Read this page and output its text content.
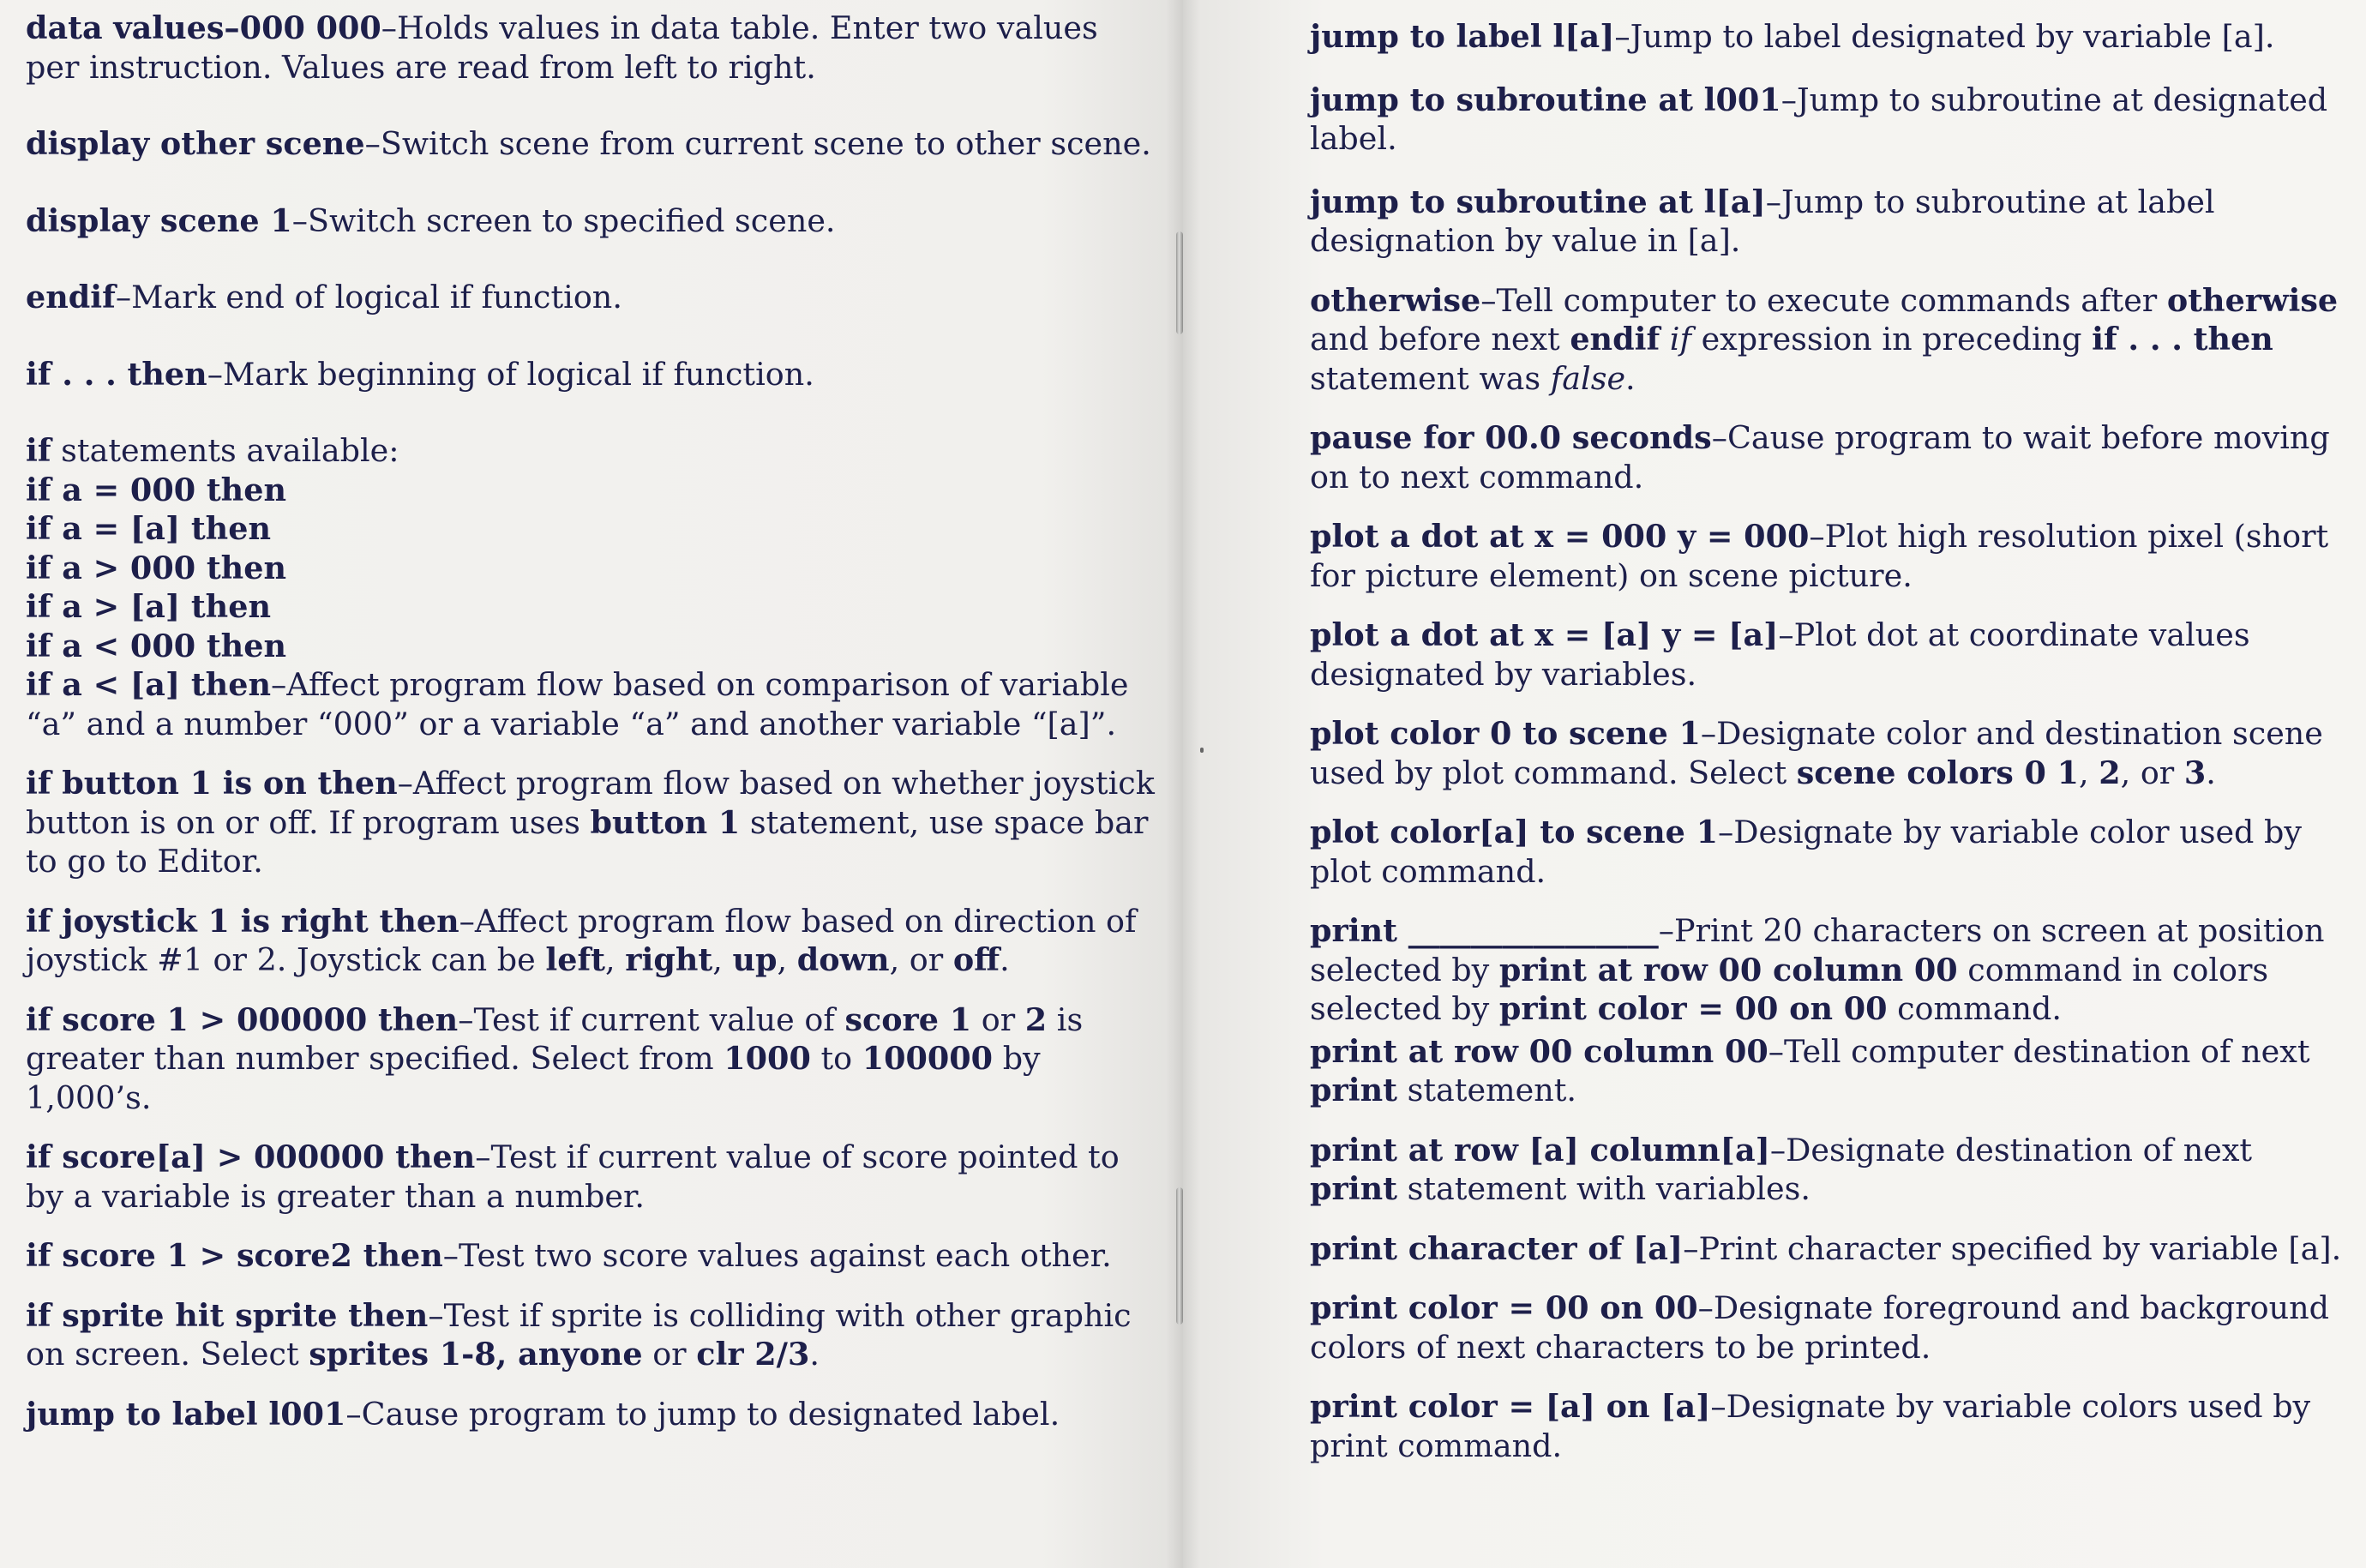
data values–000 000–Holds values in data table. Enter two values per instruction. Values are read from left to right.

display other scene–Switch scene from current scene to other scene.

display scene 1–Switch screen to specified scene.

endif–Mark end of logical if function.

if . . . then–Mark beginning of logical if function.

if statements available:
if a = 000 then
if a = [a] then
if a > 000 then
if a > [a] then
if a < 000 then
if a < [a] then–Affect program flow based on comparison of variable “a” and a number “000” or a variable “a” and another variable “[a]”.

if button 1 is on then–Affect program flow based on whether joystick button is on or off. If program uses button 1 statement, use space bar to go to Editor.

if joystick 1 is right then–Affect program flow based on direction of joystick #1 or 2. Joystick can be left, right, up, down, or off.

if score 1 > 000000 then–Test if current value of score 1 or 2 is greater than number specified. Select from 1000 to 100000 by 1,000’s.

if score[a] > 000000 then–Test if current value of score pointed to by a variable is greater than a number.

if score 1 > score2 then–Test two score values against each other.

if sprite hit sprite then–Test if sprite is colliding with other graphic on screen. Select sprites 1-8, anyone or clr 2/3.

jump to label l001–Cause program to jump to designated label.

jump to label l[a]–Jump to label designated by variable [a].

jump to subroutine at l001–Jump to subroutine at designated label.

jump to subroutine at l[a]–Jump to subroutine at label designation by value in [a].

otherwise–Tell computer to execute commands after otherwise and before next endif if expression in preceding if . . . then statement was false.

pause for 00.0 seconds–Cause program to wait before moving on to next command.

plot a dot at x = 000 y = 000–Plot high resolution pixel (short for picture element) on scene picture.

plot a dot at x = [a] y = [a]–Plot dot at coordinate values designated by variables.

plot color 0 to scene 1–Designate color and destination scene used by plot command. Select scene colors 0 1, 2, or 3.

plot color[a] to scene 1–Designate by variable color used by plot command.

print ________________–Print 20 characters on screen at position selected by print at row 00 column 00 command in colors selected by print color = 00 on 00 command.

print at row 00 column 00–Tell computer destination of next print statement.

print at row [a] column[a]–Designate destination of next print statement with variables.

print character of [a]–Print character specified by variable [a].

print color = 00 on 00–Designate foreground and background colors of next characters to be printed.

print color = [a] on [a]–Designate by variable colors used by print command.
